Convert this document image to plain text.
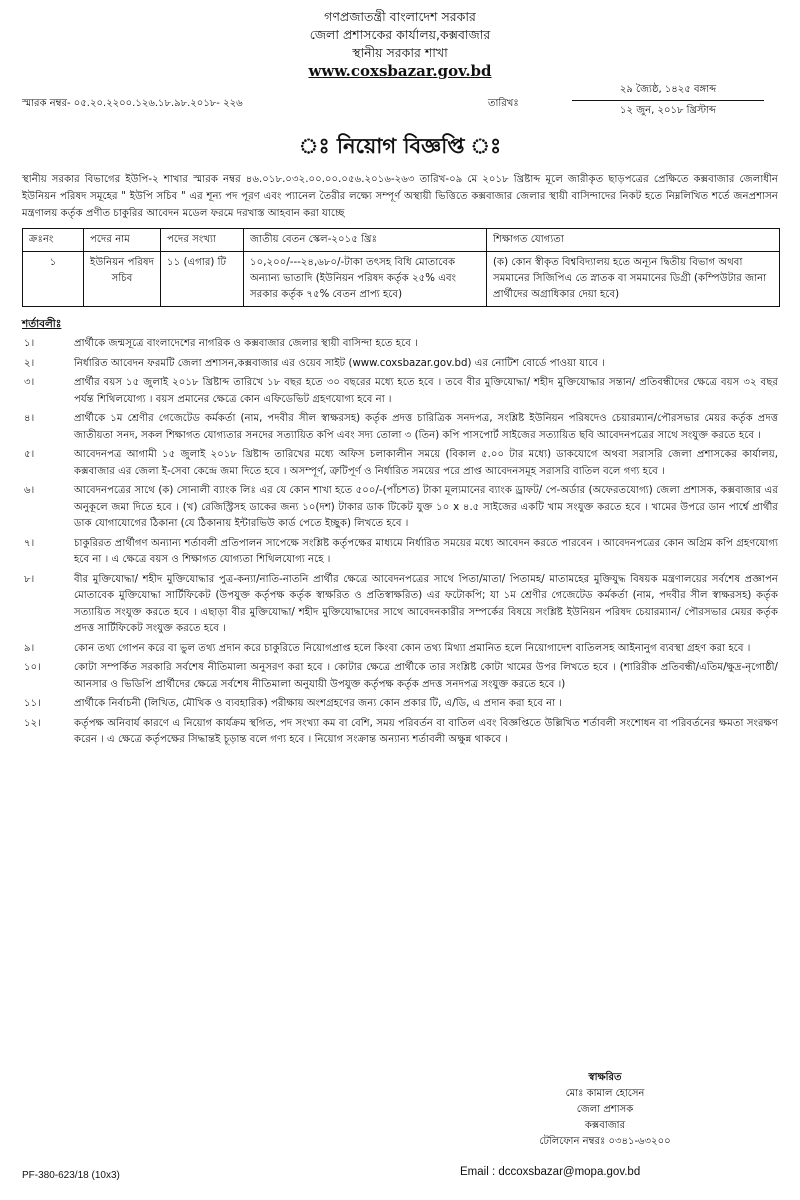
গণপ্রজাতন্ত্রী বাংলাদেশ সরকার
জেলা প্রশাসকের কার্যালয়,কক্সবাজার
স্থানীয় সরকার শাখা
www.coxsbazar.gov.bd
স্মারক নম্বর- ০৫.২০.২২০০.১২৬.১৮.৯৮.২০১৮- ২২৬	তারিখঃ
২৯ জ্যৈষ্ঠ, ১৪২৫ বঙ্গাব্দ
১২ জুন, ২০১৮ খ্রিস্টাব্দ
ঃ নিয়োগ বিজ্ঞপ্তি ঃ
স্থানীয় সরকার বিভাগের ইউপি-২ শাখার স্মারক নম্বর ৪৬.০১৮.০৩২.০০.০০.০৫৬.২০১৬-২৬৩ তারিখ-০৯ মে ২০১৮ খ্রিষ্টাব্দ মূলে জারীকৃত ছাড়পত্রের প্রেক্ষিতে কক্সবাজার জেলাধীন ইউনিয়ন পরিষদ সমূহের " ইউপি সচিব " এর শূন্য পদ পূরণ এবং প্যানেল তৈরীর লক্ষ্যে সম্পূর্ণ অস্থায়ী ভিত্তিতে কক্সবাজার জেলার স্থায়ী বাসিন্দাদের নিকট হতে নিম্নলিখিত শর্তে জনপ্রশাসন মন্ত্রণালয় কর্তৃক প্রণীত চাকুরির আবেদন মডেল ফরমে দরখাস্ত আহবান করা যাচ্ছে
ক্রঃনং	পদের নাম	পদের সংখ্যা	জাতীয় বেতন স্কেল-২০১৫ খ্রিঃ	শিক্ষাগত যোগ্যতা
১	ইউনিয়ন পরিষদ সচিব	১১ (এগার) টি	১০,২০০/---২৪,৬৮০/-টাকা তৎসহ বিধি মোতাবেক অন্যান্য ভাতাদি (ইউনিয়ন পরিষদ কর্তৃক ২৫% এবং সরকার কর্তৃক ৭৫% বেতন প্রাপ্য হবে)	(ক) কোন স্বীকৃত বিশ্ববিদ্যালয় হতে অন্যূন দ্বিতীয় বিভাগ অথবা সমমানের সিজিপিএ তে স্নাতক বা সমমানের ডিগ্রী (কম্পিউটার জানা প্রার্থীদের অগ্রাধিকার দেয়া হবে)
শর্তাবলীঃ
১।	প্রার্থীকে জন্মসূত্রে বাংলাদেশের নাগরিক ও কক্সবাজার জেলার স্থায়ী বাসিন্দা হতে হবে ।
২।	নির্ধারিত আবেদন ফরমটি জেলা প্রশাসন,কক্সবাজার এর ওয়েব সাইট (www.coxsbazar.gov.bd) এর নোটিশ বোর্ডে পাওয়া যাবে ।
৩।	প্রার্থীর বয়স ১৫ জুলাই ২০১৮ খ্রিষ্টাব্দ তারিখে ১৮ বছর হতে ৩০ বছরের মধ্যে হতে হবে । তবে বীর মুক্তিযোদ্ধা/ শহীদ মুক্তিযোদ্ধার সন্তান/ প্রতিবন্ধীদের ক্ষেত্রে বয়স ৩২ বছর পর্যন্ত শিথিলযোগ্য । বয়স প্রমানের ক্ষেত্রে কোন এফিডেভিট গ্রহণযোগ্য হবে না ।
৪।	প্রার্থীকে ১ম শ্রেণীর গেজেটেড কর্মকর্তা (নাম, পদবীর সীল স্বাক্ষরসহ) কর্তৃক প্রদত্ত চারিত্রিক সনদপত্র, সংশ্লিষ্ট ইউনিয়ন পরিষদেও চেয়ারম্যান/পৌরসভার মেয়র কর্তৃক প্রদত্ত জাতীয়তা সনদ, সকল শিক্ষাগত যোগ্যতার সনদের সত্যায়িত কপি এবং সদ্য তোলা ৩ (তিন) কপি পাসপোর্ট সাইজের সত্যায়িত ছবি আবেদনপত্রের সাথে সংযুক্ত করতে হবে ।
৫।	আবেদনপত্র আগামী ১৫ জুলাই ২০১৮ খ্রিষ্টাব্দ তারিখের মধ্যে অফিস চলাকালীন সময়ে (বিকাল ৫.০০ টার মধ্যে) ডাকযোগে অথবা সরাসরি জেলা প্রশাসকের কার্যালয়, কক্সবাজার এর জেলা ই-সেবা কেন্দ্রে জমা দিতে হবে । অসম্পূর্ণ, ত্রুটিপূর্ণ ও নির্ধারিত সময়ের পরে প্রাপ্ত আবেদনসমূহ সরাসরি বাতিল বলে গণ্য হবে ।
৬।	আবেদনপত্রের সাথে (ক) সোনালী ব্যাংক লিঃ এর যে কোন শাখা হতে ৫০০/-(পাঁচশত) টাকা মূল্যমানের ব্যাংক ড্রাফট/ পে-অর্ডার (অফেরতযোগ্য) জেলা প্রশাসক, কক্সবাজার এর অনুকূলে জমা দিতে হবে । (খ) রেজিস্ট্রিসহ ডাকের জন্য ১০(দশ) টাকার ডাক টিকেট যুক্ত ১০ x ৪.৫ সাইজের একটি খাম সংযুক্ত করতে হবে । খামের উপরে ডান পার্শ্বে প্রার্থীর ডাক যোগাযোগের ঠিকানা (যে ঠিকানায় ইন্টারভিউ কার্ড পেতে ইচ্ছুক) লিখতে হবে ।
৭।	চাকুরিরত প্রার্থীগণ অন্যান্য শর্তাবলী প্রতিপালন সাপেক্ষে সংশ্লিষ্ট কর্তৃপক্ষের মাধ্যমে নির্ধারিত সময়ের মধ্যে আবেদন করতে পারবেন । আবেদনপত্রের কোন অগ্রিম কপি গ্রহণযোগ্য হবে না । এ ক্ষেত্রে বয়স ও শিক্ষাগত যোগ্যতা শিথিলযোগ্য নহে ।
৮।	বীর মুক্তিযোদ্ধা/ শহীদ মুক্তিযোদ্ধার পুত্র-কন্যা/নাতি-নাতনি প্রার্থীর ক্ষেত্রে আবেদনপত্রের সাথে পিতা/মাতা/ পিতামহ/ মাতামহের মুক্তিযুদ্ধ বিষয়ক মন্ত্রণালয়ের সর্বশেষ প্রজ্ঞাপন মোতাবেক মুক্তিযোদ্ধা সার্টিফিকেট (উপযুক্ত কর্তৃপক্ষ কর্তৃক স্বাক্ষরিত ও প্রতিস্বাক্ষরিত) এর ফটোকপি; যা ১ম শ্রেণীর গেজেটেড কর্মকর্তা (নাম, পদবীর সীল স্বাক্ষরসহ) কর্তৃক সত্যায়িত সংযুক্ত করতে হবে । এছাড়া বীর মুক্তিযোদ্ধা/ শহীদ মুক্তিযোদ্ধাদের সাথে আবেদনকারীর সম্পর্কের বিষয়ে সংশ্লিষ্ট ইউনিয়ন পরিষদ চেয়ারম্যান/ পৌরসভার মেয়র কর্তৃক প্রদত্ত সার্টিফিকেট সংযুক্ত করতে হবে ।
৯।	কোন তথ্য গোপন করে বা ভুল তথ্য প্রদান করে চাকুরিতে নিয়োগপ্রাপ্ত হলে কিংবা কোন তথ্য মিথ্যা প্রমানিত হলে নিয়োগাদেশ বাতিলসহ আইনানুগ ব্যবস্থা গ্রহণ করা হবে ।
১০।	কোটা সম্পর্কিত সরকারি সর্বশেষ নীতিমালা অনুসরণ করা হবে । কোটার ক্ষেত্রে প্রার্থীকে তার সংশ্লিষ্ট কোটা খামের উপর লিখতে হবে । (শারিরীক প্রতিবন্ধী/এতিম/ক্ষুদ্র-নৃগোষ্ঠী/আনসার ও ভিডিপি প্রার্থীদের ক্ষেত্রে সর্বশেষ নীতিমালা অনুযায়ী উপযুক্ত কর্তৃপক্ষ কর্তৃক প্রদত্ত সনদপত্র সংযুক্ত করতে হবে ।)
১১।	প্রার্থীকে নির্বাচনী (লিখিত, মৌখিক ও ব্যবহারিক) পরীক্ষায় অংশগ্রহণের জন্য কোন প্রকার টি, এ/ডি, এ প্রদান করা হবে না ।
১২।	কর্তৃপক্ষ অনিবার্য কারণে এ নিয়োগ কার্যক্রম স্থগিত, পদ সংখ্যা কম বা বেশি, সময় পরিবর্তন বা বাতিল এবং বিজ্ঞপ্তিতে উল্লিখিত শর্তাবলী সংশোধন বা পরিবর্তনের ক্ষমতা সংরক্ষণ করেন । এ ক্ষেত্রে কর্তৃপক্ষের সিদ্ধান্তই চূড়ান্ত বলে গণ্য হবে । নিয়োগ সংক্রান্ত অন্যান্য শর্তাবলী অক্ষুন্ন থাকবে ।
স্বাক্ষরিত
মোঃ কামাল হোসেন
জেলা প্রশাসক
কক্সবাজার
টেলিফোন নম্বরঃ ০৩৪১-৬৩২০০
PF-380-623/18 (10x3)	Email : dccoxsbazar@mopa.gov.bd
